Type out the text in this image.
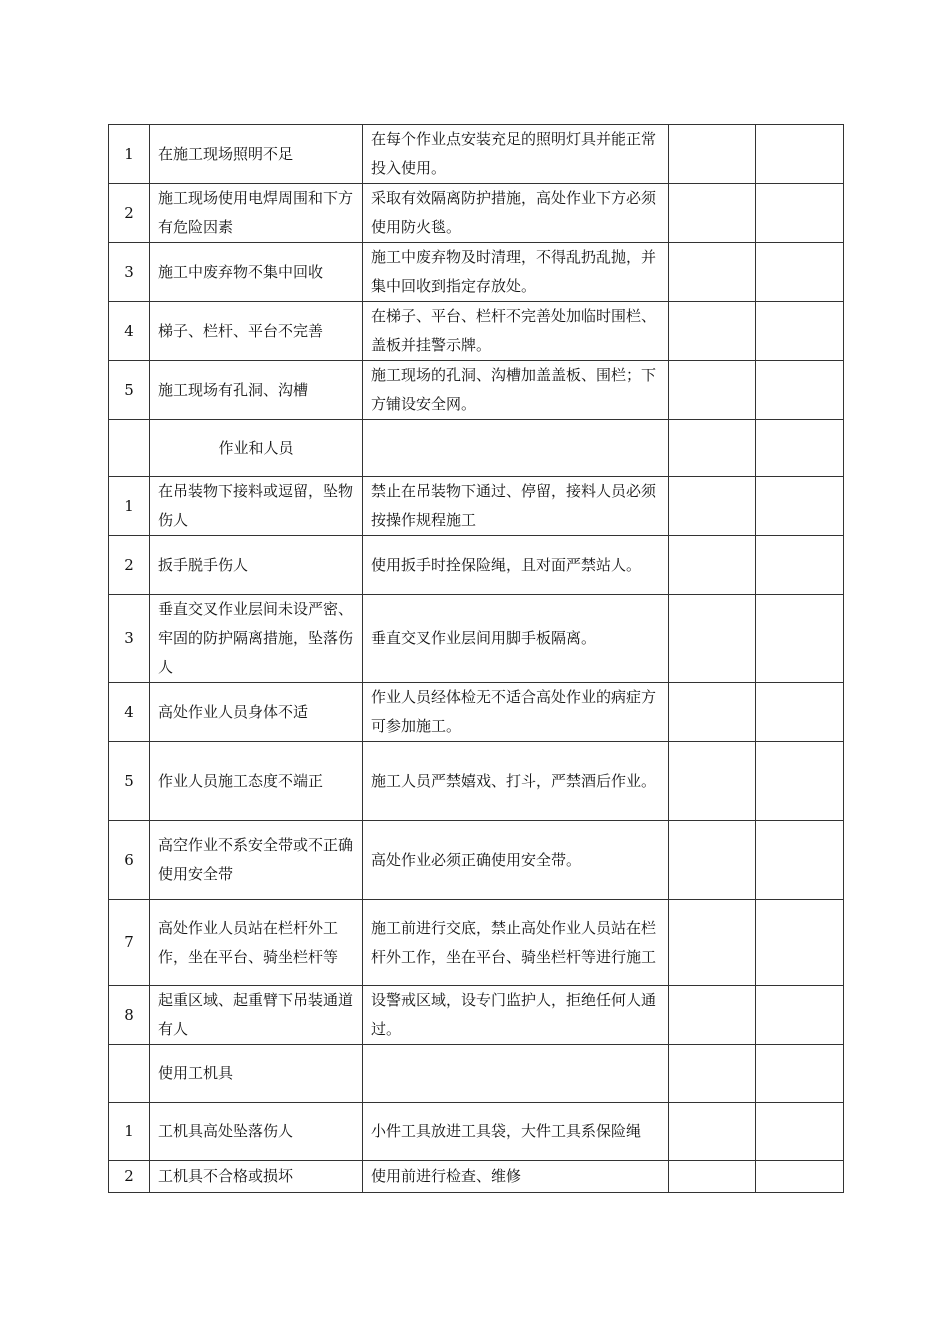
1	在施工现场照明不足	在每个作业点安装充足的照明灯具并能正常投入使用。		
2	施工现场使用电焊周围和下方有危险因素	采取有效隔离防护措施，高处作业下方必须使用防火毯。		
3	施工中废弃物不集中回收	施工中废弃物及时清理，不得乱扔乱抛，并集中回收到指定存放处。		
4	梯子、栏杆、平台不完善	在梯子、平台、栏杆不完善处加临时围栏、盖板并挂警示牌。		
5	施工现场有孔洞、沟槽	施工现场的孔洞、沟槽加盖盖板、围栏；下方铺设安全网。		
	作业和人员			
1	在吊装物下接料或逗留，坠物伤人	禁止在吊装物下通过、停留，接料人员必须按操作规程施工		
2	扳手脱手伤人	使用扳手时拴保险绳，且对面严禁站人。		
3	垂直交叉作业层间未设严密、牢固的防护隔离措施，坠落伤人	垂直交叉作业层间用脚手板隔离。		
4	高处作业人员身体不适	作业人员经体检无不适合高处作业的病症方可参加施工。		
5	作业人员施工态度不端正	施工人员严禁嬉戏、打斗，严禁酒后作业。		
6	高空作业不系安全带或不正确使用安全带	高处作业必须正确使用安全带。		
7	高处作业人员站在栏杆外工作，坐在平台、骑坐栏杆等	施工前进行交底，禁止高处作业人员站在栏杆外工作，坐在平台、骑坐栏杆等进行施工		
8	起重区域、起重臂下吊装通道有人	设警戒区域，设专门监护人，拒绝任何人通过。		
	使用工机具			
1	工机具高处坠落伤人	小件工具放进工具袋，大件工具系保险绳		
2	工机具不合格或损坏	使用前进行检查、维修		
